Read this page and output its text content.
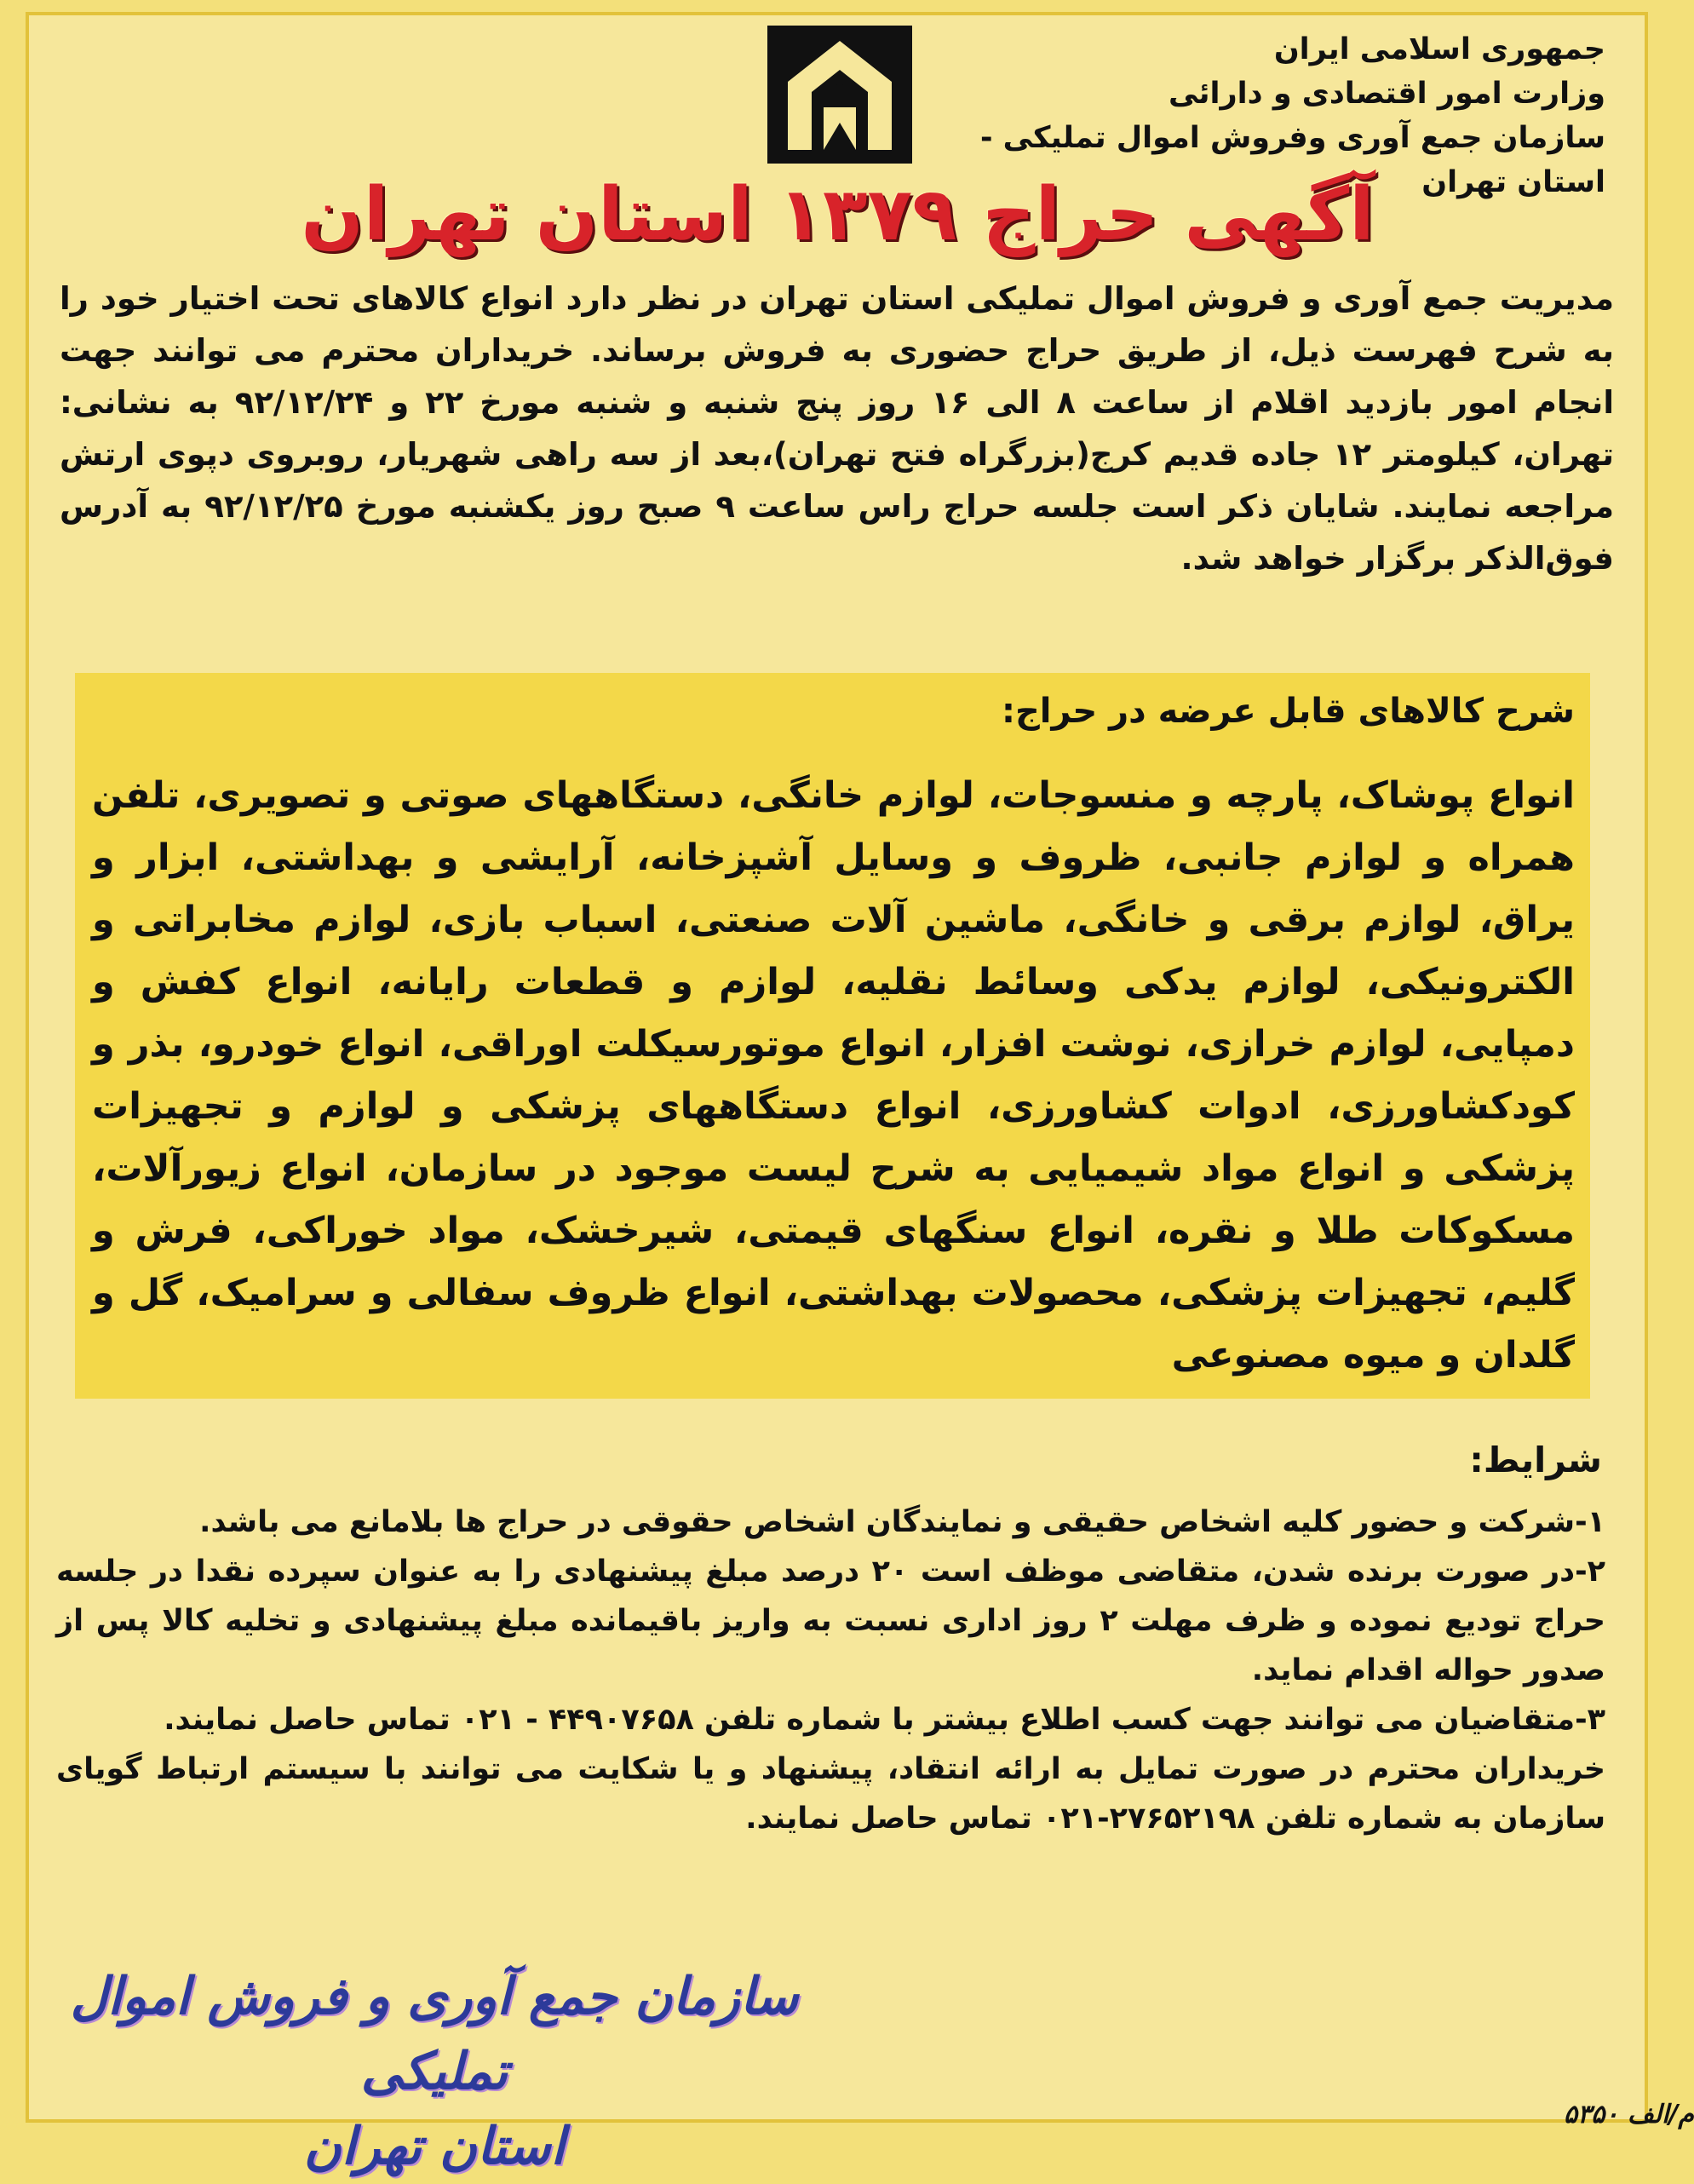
جمهوری اسلامی ایران
وزارت امور اقتصادی و دارائی
سازمان جمع آوری وفروش اموال تملیکی - استان تهران
آگهی حراج ۱۳۷۹ استان تهران
مدیریت جمع آوری و فروش اموال تملیکی استان تهران در نظر دارد انواع کالاهای تحت اختیار خود را به شرح فهرست ذیل، از طریق حراج حضوری به فروش برساند. خریداران محترم می توانند جهت انجام امور بازدید اقلام از ساعت ۸ الی ۱۶ روز پنج شنبه و شنبه مورخ ۲۲ و ۹۲/۱۲/۲۴ به نشانی: تهران، کیلومتر ۱۲ جاده قدیم کرج(بزرگراه فتح تهران)،بعد از سه راهی شهریار، روبروی دپوی ارتش مراجعه نمایند. شایان ذکر است جلسه حراج راس ساعت ۹ صبح روز یکشنبه مورخ ۹۲/۱۲/۲۵ به آدرس فوق‌الذکر برگزار خواهد شد.
شرح کالاهای قابل عرضه در حراج:
انواع پوشاک، پارچه و منسوجات، لوازم خانگی، دستگاههای صوتی و تصویری، تلفن همراه و لوازم جانبی، ظروف و وسایل آشپزخانه، آرایشی و بهداشتی، ابزار و یراق، لوازم برقی و خانگی، ماشین آلات صنعتی، اسباب بازی، لوازم مخابراتی و الکترونیکی، لوازم یدکی وسائط نقلیه، لوازم و قطعات رایانه، انواع کفش و دمپایی، لوازم خرازی، نوشت افزار، انواع موتورسیکلت اوراقی، انواع خودرو، بذر و کودکشاورزی، ادوات کشاورزی، انواع دستگاههای پزشکی و لوازم و تجهیزات پزشکی و انواع مواد شیمیایی به شرح لیست موجود در سازمان، انواع زیورآلات، مسکوکات طلا و نقره، انواع سنگهای قیمتی، شیرخشک، مواد خوراکی، فرش و گلیم، تجهیزات پزشکی، محصولات بهداشتی، انواع ظروف سفالی و سرامیک، گل و گلدان و میوه مصنوعی
شرایط:

۱-شرکت و حضور کلیه اشخاص حقیقی و نمایندگان اشخاص حقوقی در حراج ها بلامانع می باشد.

۲-در صورت برنده شدن، متقاضی موظف است ۲۰ درصد مبلغ پیشنهادی را به عنوان سپرده نقدا در جلسه حراج تودیع نموده و ظرف مهلت ۲ روز اداری نسبت به واریز باقیمانده مبلغ پیشنهادی و تخلیه کالا پس از صدور حواله اقدام نماید.

۳-متقاضیان می توانند جهت کسب اطلاع بیشتر با شماره تلفن ۴۴۹۰۷۶۵۸ - ۰۲۱ تماس حاصل نمایند.

خریداران محترم در صورت تمایل به ارائه انتقاد، پیشنهاد و یا شکایت می توانند با سیستم ارتباط گویای سازمان به شماره تلفن ۲۷۶۵۲۱۹۸-۰۲۱ تماس حاصل نمایند.

سازمان جمع آوری و فروش اموال تملیکی
استان تهران
م/الف ۵۳۵۰
